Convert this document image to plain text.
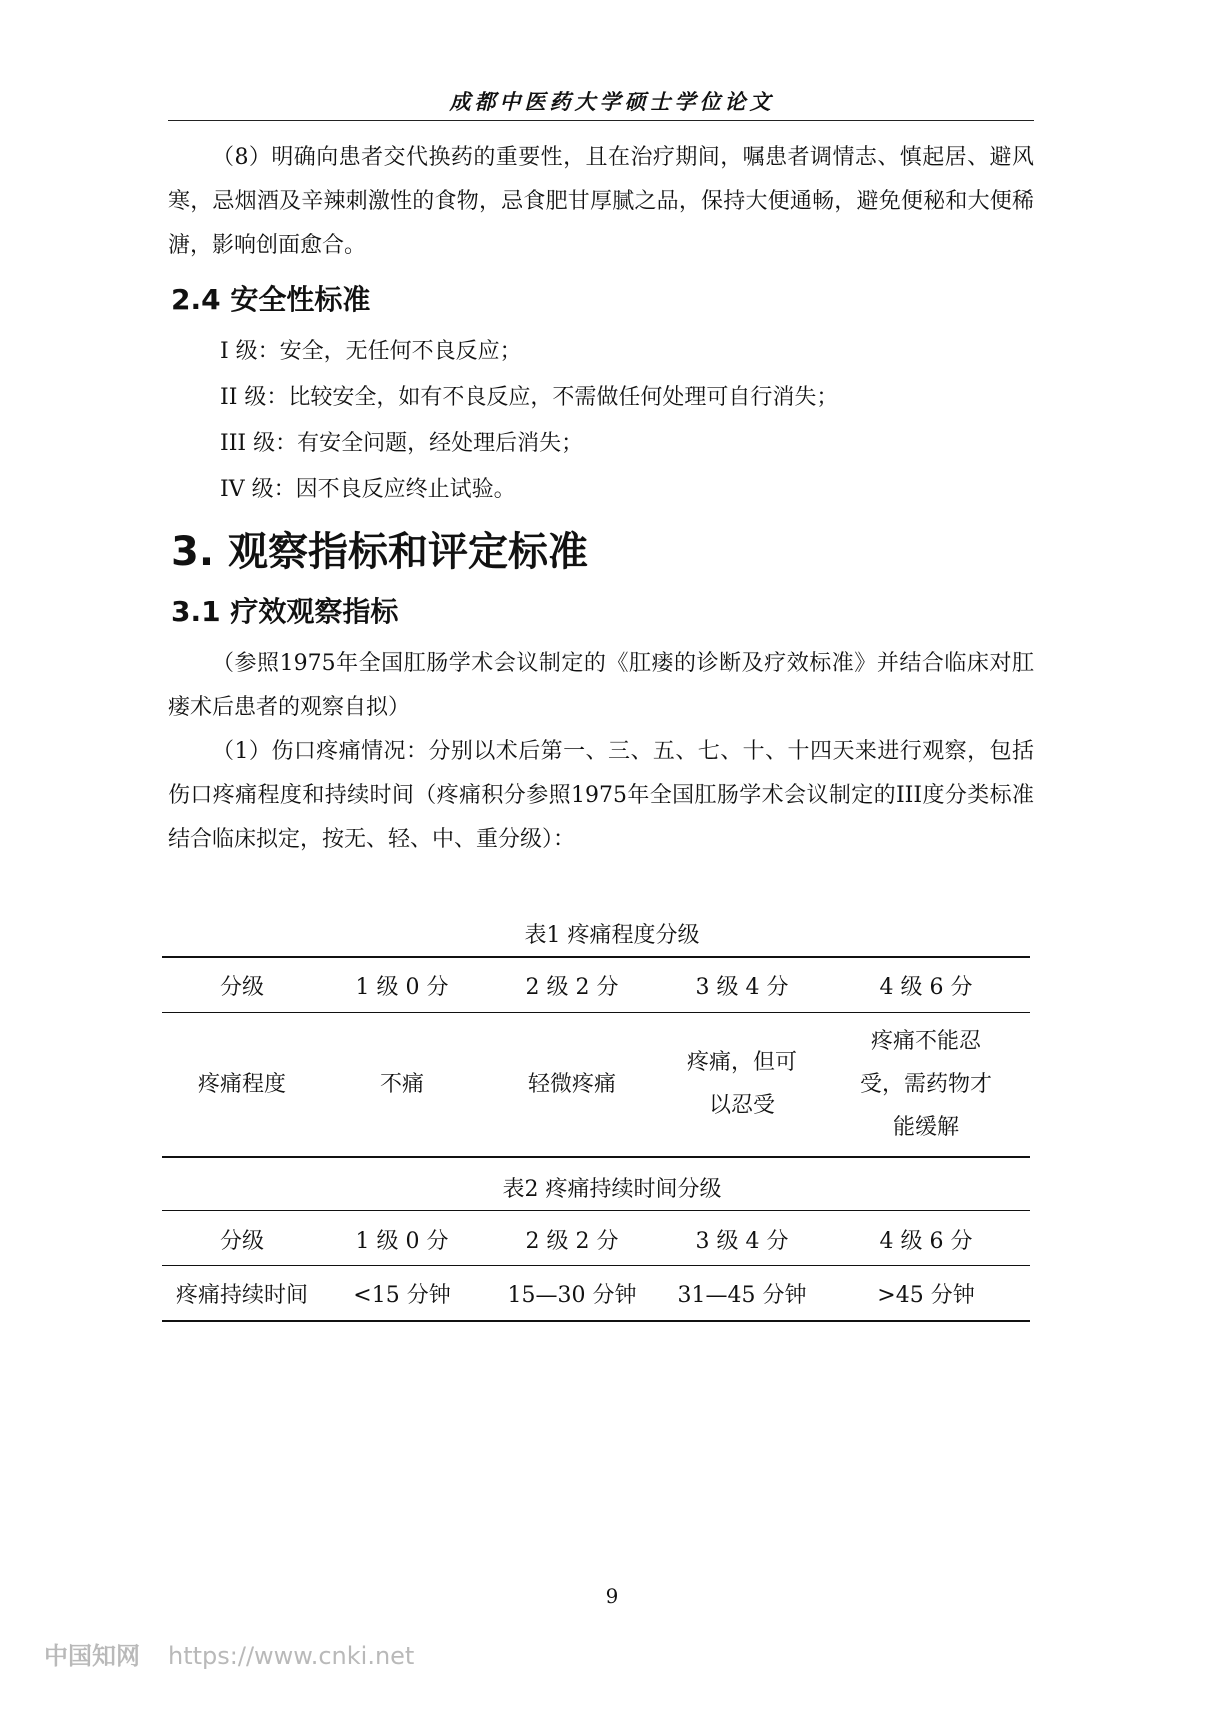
成都中医药大学硕士学位论文
（8）明确向患者交代换药的重要性，且在治疗期间，嘱患者调情志、慎起居、避风寒，忌烟酒及辛辣刺激性的食物，忌食肥甘厚腻之品，保持大便通畅，避免便秘和大便稀溏，影响创面愈合。
2.4 安全性标准
I 级：安全，无任何不良反应；
II 级：比较安全，如有不良反应，不需做任何处理可自行消失；
III 级：有安全问题，经处理后消失；
IV 级：因不良反应终止试验。
3. 观察指标和评定标准
3.1 疗效观察指标
（参照1975年全国肛肠学术会议制定的《肛瘘的诊断及疗效标准》并结合临床对肛瘘术后患者的观察自拟）
（1）伤口疼痛情况：分别以术后第一、三、五、七、十、十四天来进行观察，包括伤口疼痛程度和持续时间（疼痛积分参照1975年全国肛肠学术会议制定的III度分类标准结合临床拟定，按无、轻、中、重分级）：
表1 疼痛程度分级
分级	1 级 0 分	2 级 2 分	3 级 4 分	4 级 6 分
疼痛程度	不痛	轻微疼痛	疼痛，但可以忍受	疼痛不能忍受，需药物才能缓解
表2 疼痛持续时间分级
分级	1 级 0 分	2 级 2 分	3 级 4 分	4 级 6 分
疼痛持续时间	<15 分钟	15—30 分钟	31—45 分钟	>45 分钟
9
中国知网 https://www.cnki.net
